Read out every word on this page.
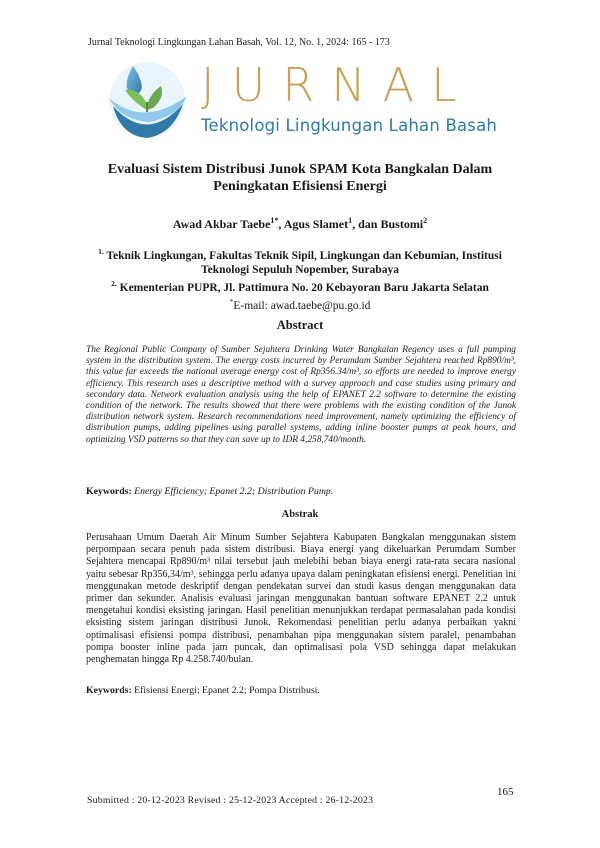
Jurnal Teknologi Lingkungan Lahan Basah, Vol. 12, No. 1, 2024: 165 - 173
JURNAL
Teknologi Lingkungan Lahan Basah
Evaluasi Sistem Distribusi Junok SPAM Kota Bangkalan Dalam
Peningkatan Efisiensi Energi
Awad Akbar Taebe$^{1*}$, Agus Slamet$^1$, dan Bustomi$^2$
$^{1.}$ Teknik Lingkungan, Fakultas Teknik Sipil, Lingkungan dan Kebumian, Institusi
Teknologi Sepuluh Nopember, Surabaya
$^{2.}$ Kementerian PUPR, Jl. Pattimura No. 20 Kebayoran Baru Jakarta Selatan
*E-mail: awad.taebe@pu.go.id
Abstract
The Regional Public Company of Sumber Sejahtera Drinking Water Bangkalan Regency uses a full pumping system in the distribution system. The energy costs incurred by Perumdam Sumber Sejahtera reached Rp890/m³, this value far exceeds the national average energy cost of Rp356.34/m³, so efforts are needed to improve energy efficiency. This research uses a descriptive method with a survey approach and case studies using primary and secondary data. Network evaluation analysis using the help of EPANET 2.2 software to determine the existing condition of the network. The results showed that there were problems with the existing condition of the Junok distribution network system. Research recommendations need improvement, namely optimizing the efficiency of distribution pumps, adding pipelines using parallel systems, adding inline booster pumps at peak hours, and optimizing VSD patterns so that they can save up to IDR 4,258,740/month.
Keywords: Energy Efficiency; Epanet 2.2; Distribution Pump.
Abstrak
Perusahaan Umum Daerah Air Minum Sumber Sejahtera Kabupaten Bangkalan menggunakan sistem perpompaan secara penuh pada sistem distribusi. Biaya energi yang dikeluarkan Perumdam Sumber Sejahtera mencapai Rp890/m³ nilai tersebut jauh melebihi beban biaya energi rata-rata secara nasional yaitu sebesar Rp356,34/m³, sehingga perlu adanya upaya dalam peningkatan efisiensi energi. Penelitian ini menggunakan metode deskriptif dengan pendekatan survei dan studi kasus dengan menggunakan data primer dan sekunder. Analisis evaluasi jaringan menggunakan bantuan software EPANET 2.2 untuk mengetahui kondisi eksisting jaringan. Hasil penelitian menunjukkan terdapat permasalahan pada kondisi eksisting sistem jaringan distribusi Junok. Rekomendasi penelitian perlu adanya perbaikan yakni optimalisasi efisiensi pompa distribusi, penambahan pipa menggunakan sistem paralel, penambahan pompa booster inline pada jam puncak, dan optimalisasi pola VSD sehingga dapat melakukan penghematan hingga Rp 4.258.740/bulan.
Keywords: Efisiensi Energi; Epanet 2.2; Pompa Distribusi.
165
Submitted : 20-12-2023 Revised : 25-12-2023 Accepted : 26-12-2023
